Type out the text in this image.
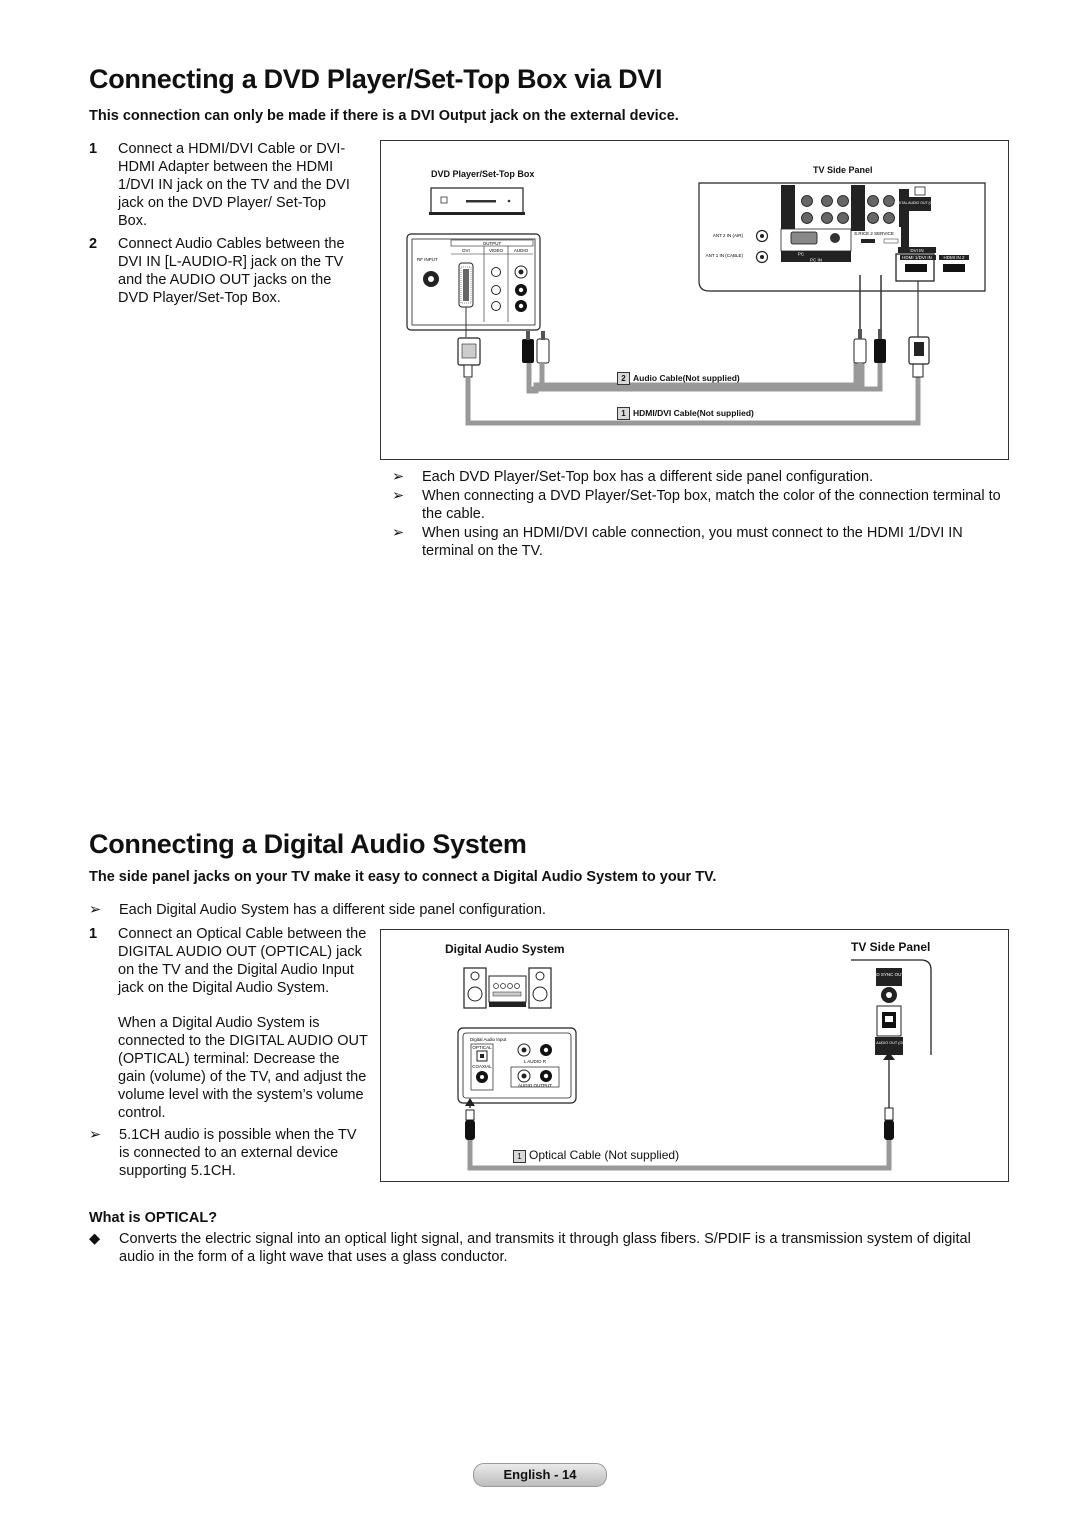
Connecting a DVD Player/Set-Top Box via DVI

This connection can only be made if there is a DVI Output jack on the external device.

1 Connect a HDMI/DVI Cable or DVI-HDMI Adapter between the HDMI 1/DVI IN jack on the TV and the DVI jack on the DVD Player/ Set-Top Box.
2 Connect Audio Cables between the DVI IN [L-AUDIO-R] jack on the TV and the AUDIO OUT jacks on the DVD Player/Set-Top Box.
DVD Player/Set-Top Box	TV Side Panel
OUTPUT
DVI	VIDEO AUDIO
RF INPUT
DIGITAL AUDIO OUT (OPTICAL)
ANT 2 IN (AIR)
ANT 1 IN (CABLE)	PC
PC IN
S.RICE 2 SERVICE
DVI IN
HDMI 1/DVI IN	HDMI IN 2
2 Audio Cable(Not supplied)
1 HDMI/DVI Cable(Not supplied)
➢ Each DVD Player/Set-Top box has a different side panel configuration.
➢ When connecting a DVD Player/Set-Top box, match the color of the connection terminal to the cable.
➢ When using an HDMI/DVI cable connection, you must connect to the HDMI 1/DVI IN terminal on the TV.
Connecting a Digital Audio System

The side panel jacks on your TV make it easy to connect a Digital Audio System to your TV.

➢ Each Digital Audio System has a different side panel configuration.
1 Connect an Optical Cable between the DIGITAL AUDIO OUT (OPTICAL) jack on the TV and the Digital Audio Input jack on the Digital Audio System.
When a Digital Audio System is connected to the DIGITAL AUDIO OUT (OPTICAL) terminal: Decrease the gain (volume) of the TV, and adjust the volume level with the system’s volume control.
➢ 5.1CH audio is possible when the TV is connected to an external device supporting 5.1CH.
Digital Audio System	TV Side Panel
Digital Audio Input
OPTICAL
COAXIAL
L AUDIO R
AUDIO OUTPUT
3D SYNC OUT
DIGITAL AUDIO OUT (OPTICAL)
1 Optical Cable (Not supplied)
What is OPTICAL?
◆ Converts the electric signal into an optical light signal, and transmits it through glass fibers. S/PDIF is a transmission system of digital audio in the form of a light wave that uses a glass conductor.
English - 14
